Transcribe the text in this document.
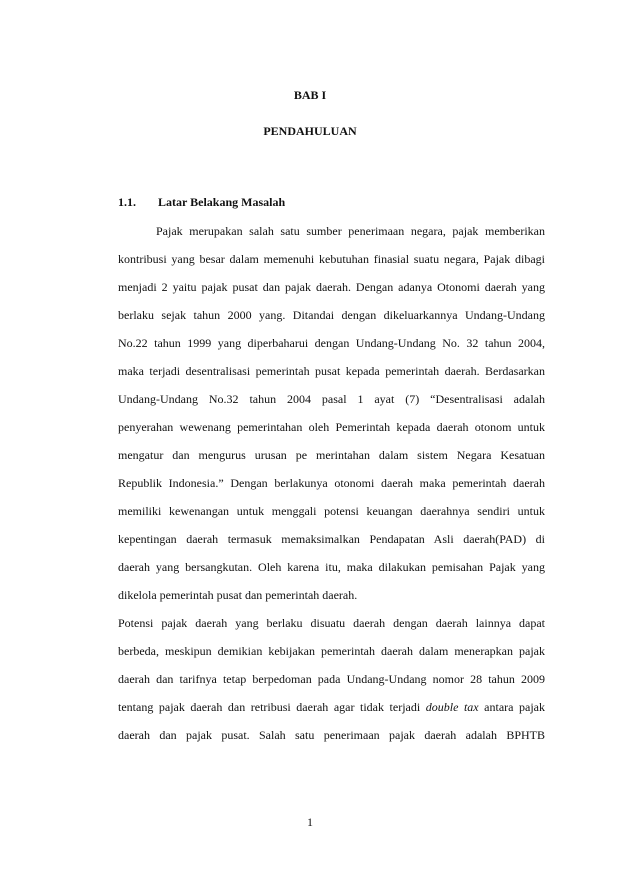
BAB I
PENDAHULUAN
1.1. Latar Belakang Masalah
Pajak merupakan salah satu sumber penerimaan negara, pajak memberikan
kontribusi yang besar dalam memenuhi kebutuhan finasial suatu negara, Pajak dibagi
menjadi 2 yaitu pajak pusat dan pajak daerah. Dengan adanya Otonomi daerah yang
berlaku sejak tahun 2000 yang. Ditandai dengan dikeluarkannya Undang-Undang
No.22 tahun 1999 yang diperbaharui dengan Undang-Undang No. 32 tahun 2004,
maka terjadi desentralisasi pemerintah pusat kepada pemerintah daerah. Berdasarkan
Undang-Undang No.32 tahun 2004 pasal 1 ayat (7) “Desentralisasi adalah
penyerahan wewenang pemerintahan oleh Pemerintah kepada daerah otonom untuk
mengatur dan mengurus urusan pe merintahan dalam sistem Negara Kesatuan
Republik Indonesia.” Dengan berlakunya otonomi daerah maka pemerintah daerah
memiliki kewenangan untuk menggali potensi keuangan daerahnya sendiri untuk
kepentingan daerah termasuk memaksimalkan Pendapatan Asli daerah(PAD) di
daerah yang bersangkutan. Oleh karena itu, maka dilakukan pemisahan Pajak yang
dikelola pemerintah pusat dan pemerintah daerah.
Potensi pajak daerah yang berlaku disuatu daerah dengan daerah lainnya dapat
berbeda, meskipun demikian kebijakan pemerintah daerah dalam menerapkan pajak
daerah dan tarifnya tetap berpedoman pada Undang-Undang nomor 28 tahun 2009
tentang pajak daerah dan retribusi daerah agar tidak terjadi double tax antara pajak
daerah dan pajak pusat. Salah satu penerimaan pajak daerah adalah BPHTB
1
